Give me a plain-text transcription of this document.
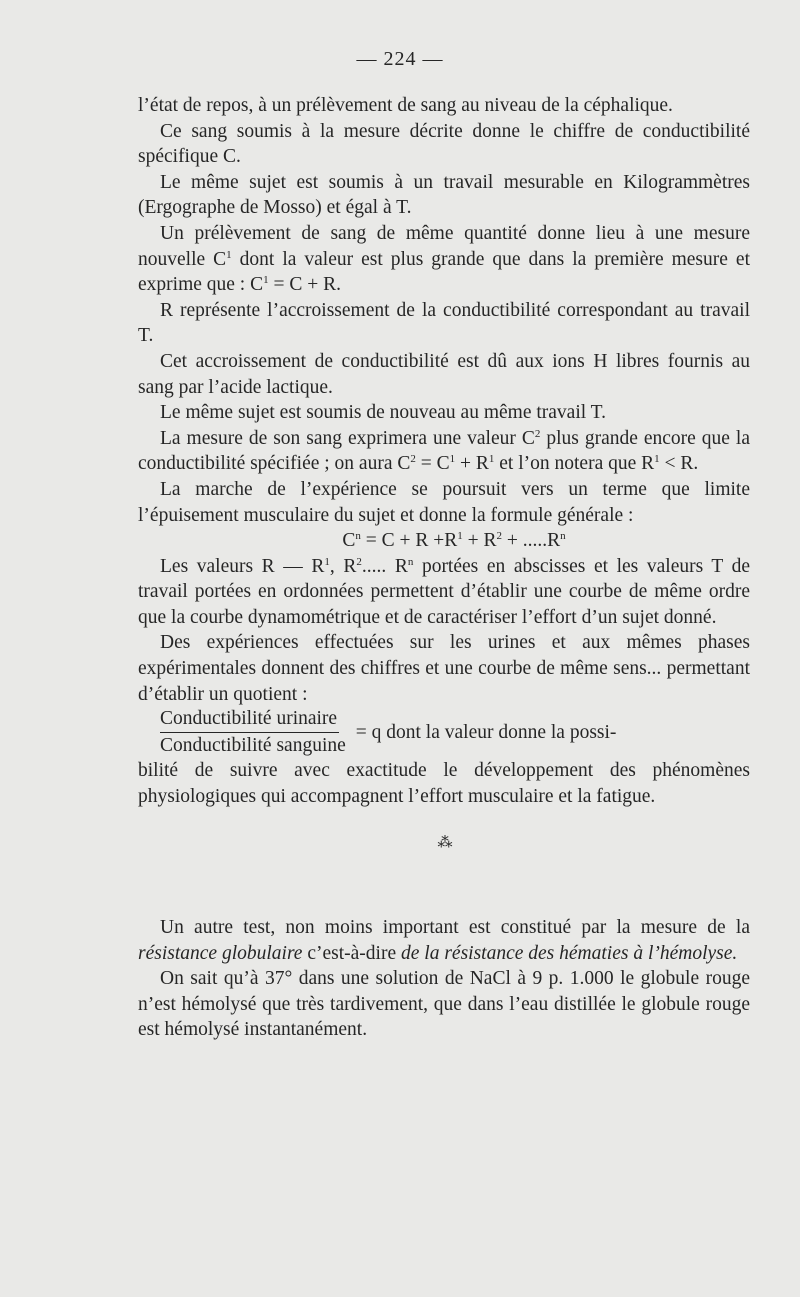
— 224 —

l’état de repos, à un prélèvement de sang au niveau de la céphalique.

Ce sang soumis à la mesure décrite donne le chiffre de conductibilité spécifique C.

Le même sujet est soumis à un travail mesurable en Kilogrammètres (Ergographe de Mosso) et égal à T.

Un prélèvement de sang de même quantité donne lieu à une mesure nouvelle $C^1$ dont la valeur est plus grande que dans la première mesure et exprime que : $C^1 = C + R$.

R représente l’accroissement de la conductibilité correspondant au travail T.

Cet accroissement de conductibilité est dû aux ions H libres fournis au sang par l’acide lactique.

Le même sujet est soumis de nouveau au même travail T.

La mesure de son sang exprimera une valeur $C^2$ plus grande encore que la conductibilité spécifiée ; on aura $C^2 = C^1 + R^1$ et l’on notera que $R^1 < R$.

La marche de l’expérience se poursuit vers un terme que limite l’épuisement musculaire du sujet et donne la formule générale :

$C^n = C + R +R^1 + R^2 + .....R^n$

Les valeurs R — $R^1$, $R^2$..... $R^n$ portées en abscisses et les valeurs T de travail portées en ordonnées permettent d’établir une courbe de même ordre que la courbe dynamométrique et de caractériser l’effort d’un sujet donné.

Des expériences effectuées sur les urines et aux mêmes phases expérimentales donnent des chiffres et une courbe de même sens... permettant d’établir un quotient :

$\frac{\text{Conductibilité urinaire}}{\text{Conductibilité sanguine}} = q$ dont la valeur donne la possi-

bilité de suivre avec exactitude le développement des phénomènes physiologiques qui accompagnent l’effort musculaire et la fatigue.

⁂

Un autre test, non moins important est constitué par la mesure de la résistance globulaire c’est-à-dire de la résistance des hématies à l’hémolyse.

On sait qu’à 37° dans une solution de NaCl à 9 p. 1.000 le globule rouge n’est hémolysé que très tardivement, que dans l’eau distillée le globule rouge est hémolysé instantanément.
